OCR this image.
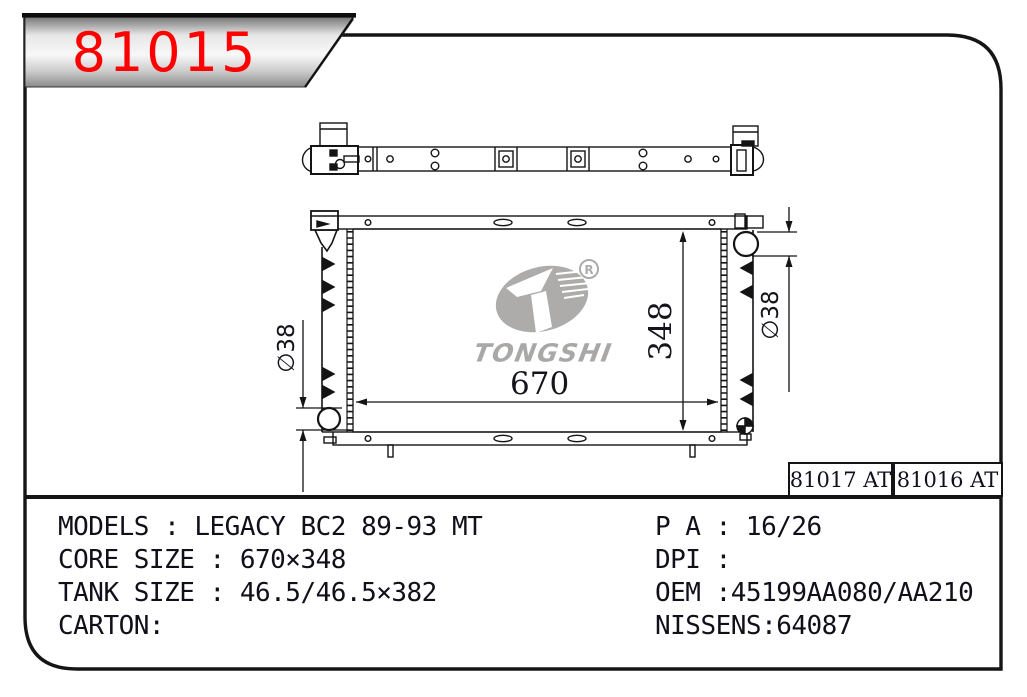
R
81015
TONGSHI
670
348
∅38
∅38
81017 AT 81016 AT
MODELS : LEGACY BC2 89-93 MT
CORE SIZE : 670×348
TANK SIZE : 46.5/46.5×382
CARTON:
P A : 16/26
DPI :
OEM :45199AA080/AA210
NISSENS:64087
